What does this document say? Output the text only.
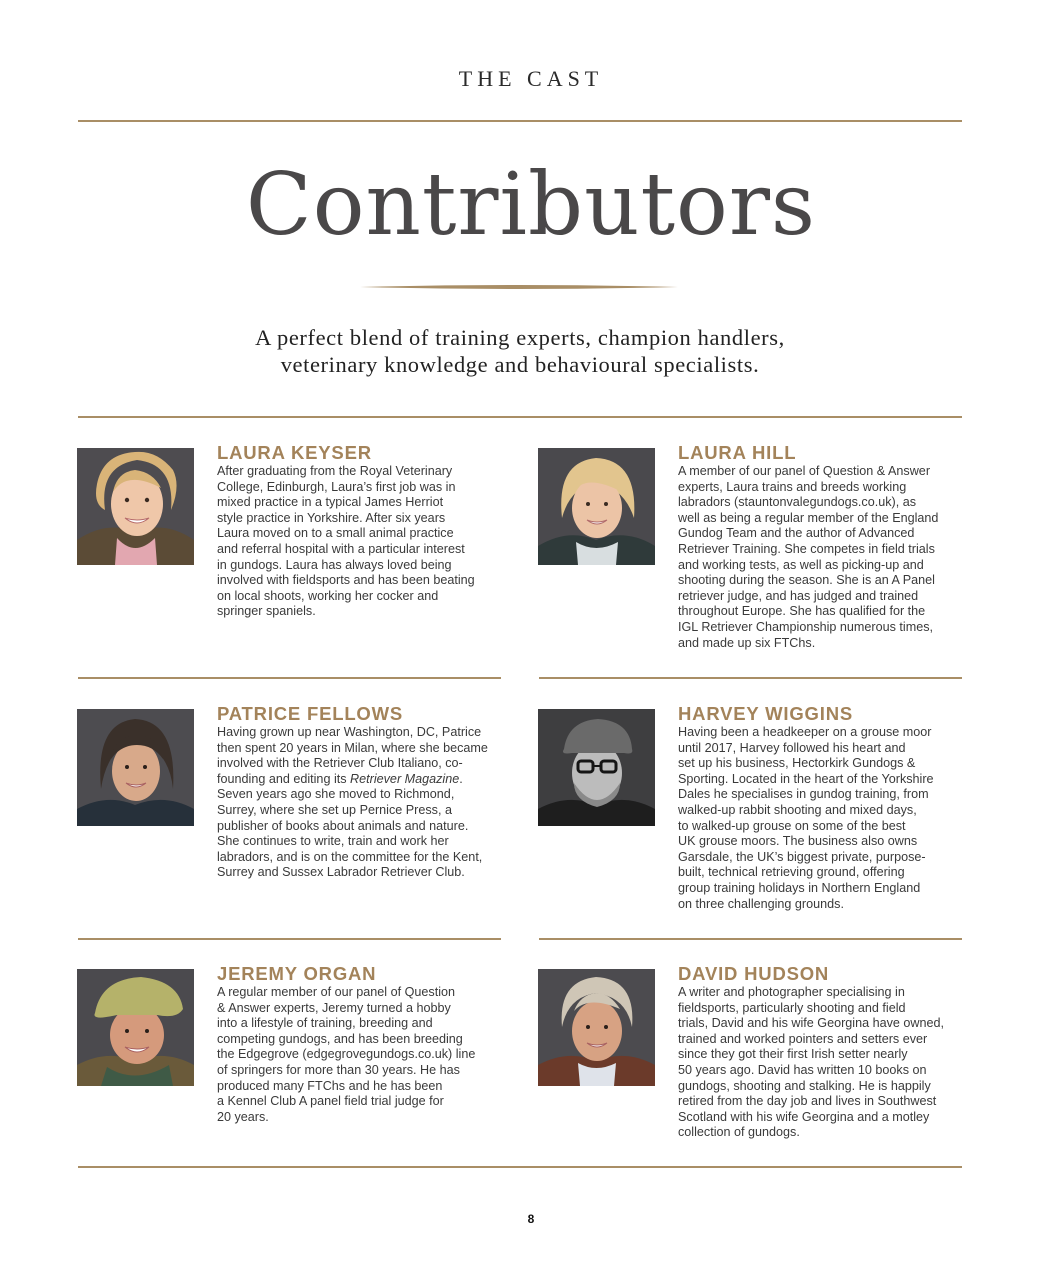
THE CAST
Contributors
A perfect blend of training experts, champion handlers,
veterinary knowledge and behavioural specialists.
LAURA KEYSER
After graduating from the Royal Veterinary
College, Edinburgh, Laura’s first job was in
mixed practice in a typical James Herriot
style practice in Yorkshire. After six years
Laura moved on to a small animal practice
and referral hospital with a particular interest
in gundogs. Laura has always loved being
involved with fieldsports and has been beating
on local shoots, working her cocker and
springer spaniels.
LAURA HILL
A member of our panel of Question & Answer
experts, Laura trains and breeds working
labradors (stauntonvalegundogs.co.uk), as
well as being a regular member of the England
Gundog Team and the author of Advanced
Retriever Training. She competes in field trials
and working tests, as well as picking-up and
shooting during the season. She is an A Panel
retriever judge, and has judged and trained
throughout Europe. She has qualified for the
IGL Retriever Championship numerous times,
and made up six FTChs.
PATRICE FELLOWS
Having grown up near Washington, DC, Patrice
then spent 20 years in Milan, where she became
involved with the Retriever Club Italiano, co-
founding and editing its Retriever Magazine.
Seven years ago she moved to Richmond,
Surrey, where she set up Pernice Press, a
publisher of books about animals and nature.
She continues to write, train and work her
labradors, and is on the committee for the Kent,
Surrey and Sussex Labrador Retriever Club.
HARVEY WIGGINS
Having been a headkeeper on a grouse moor
until 2017, Harvey followed his heart and
set up his business, Hectorkirk Gundogs &
Sporting. Located in the heart of the Yorkshire
Dales he specialises in gundog training, from
walked-up rabbit shooting and mixed days,
to walked-up grouse on some of the best
UK grouse moors. The business also owns
Garsdale, the UK’s biggest private, purpose-
built, technical retrieving ground, offering
group training holidays in Northern England
on three challenging grounds.
JEREMY ORGAN
A regular member of our panel of Question
& Answer experts, Jeremy turned a hobby
into a lifestyle of training, breeding and
competing gundogs, and has been breeding
the Edgegrove (edgegrovegundogs.co.uk) line
of springers for more than 30 years. He has
produced many FTChs and he has been
a Kennel Club A panel field trial judge for
20 years.
DAVID HUDSON
A writer and photographer specialising in
fieldsports, particularly shooting and field
trials, David and his wife Georgina have owned,
trained and worked pointers and setters ever
since they got their first Irish setter nearly
50 years ago. David has written 10 books on
gundogs, shooting and stalking. He is happily
retired from the day job and lives in Southwest
Scotland with his wife Georgina and a motley
collection of gundogs.
8
